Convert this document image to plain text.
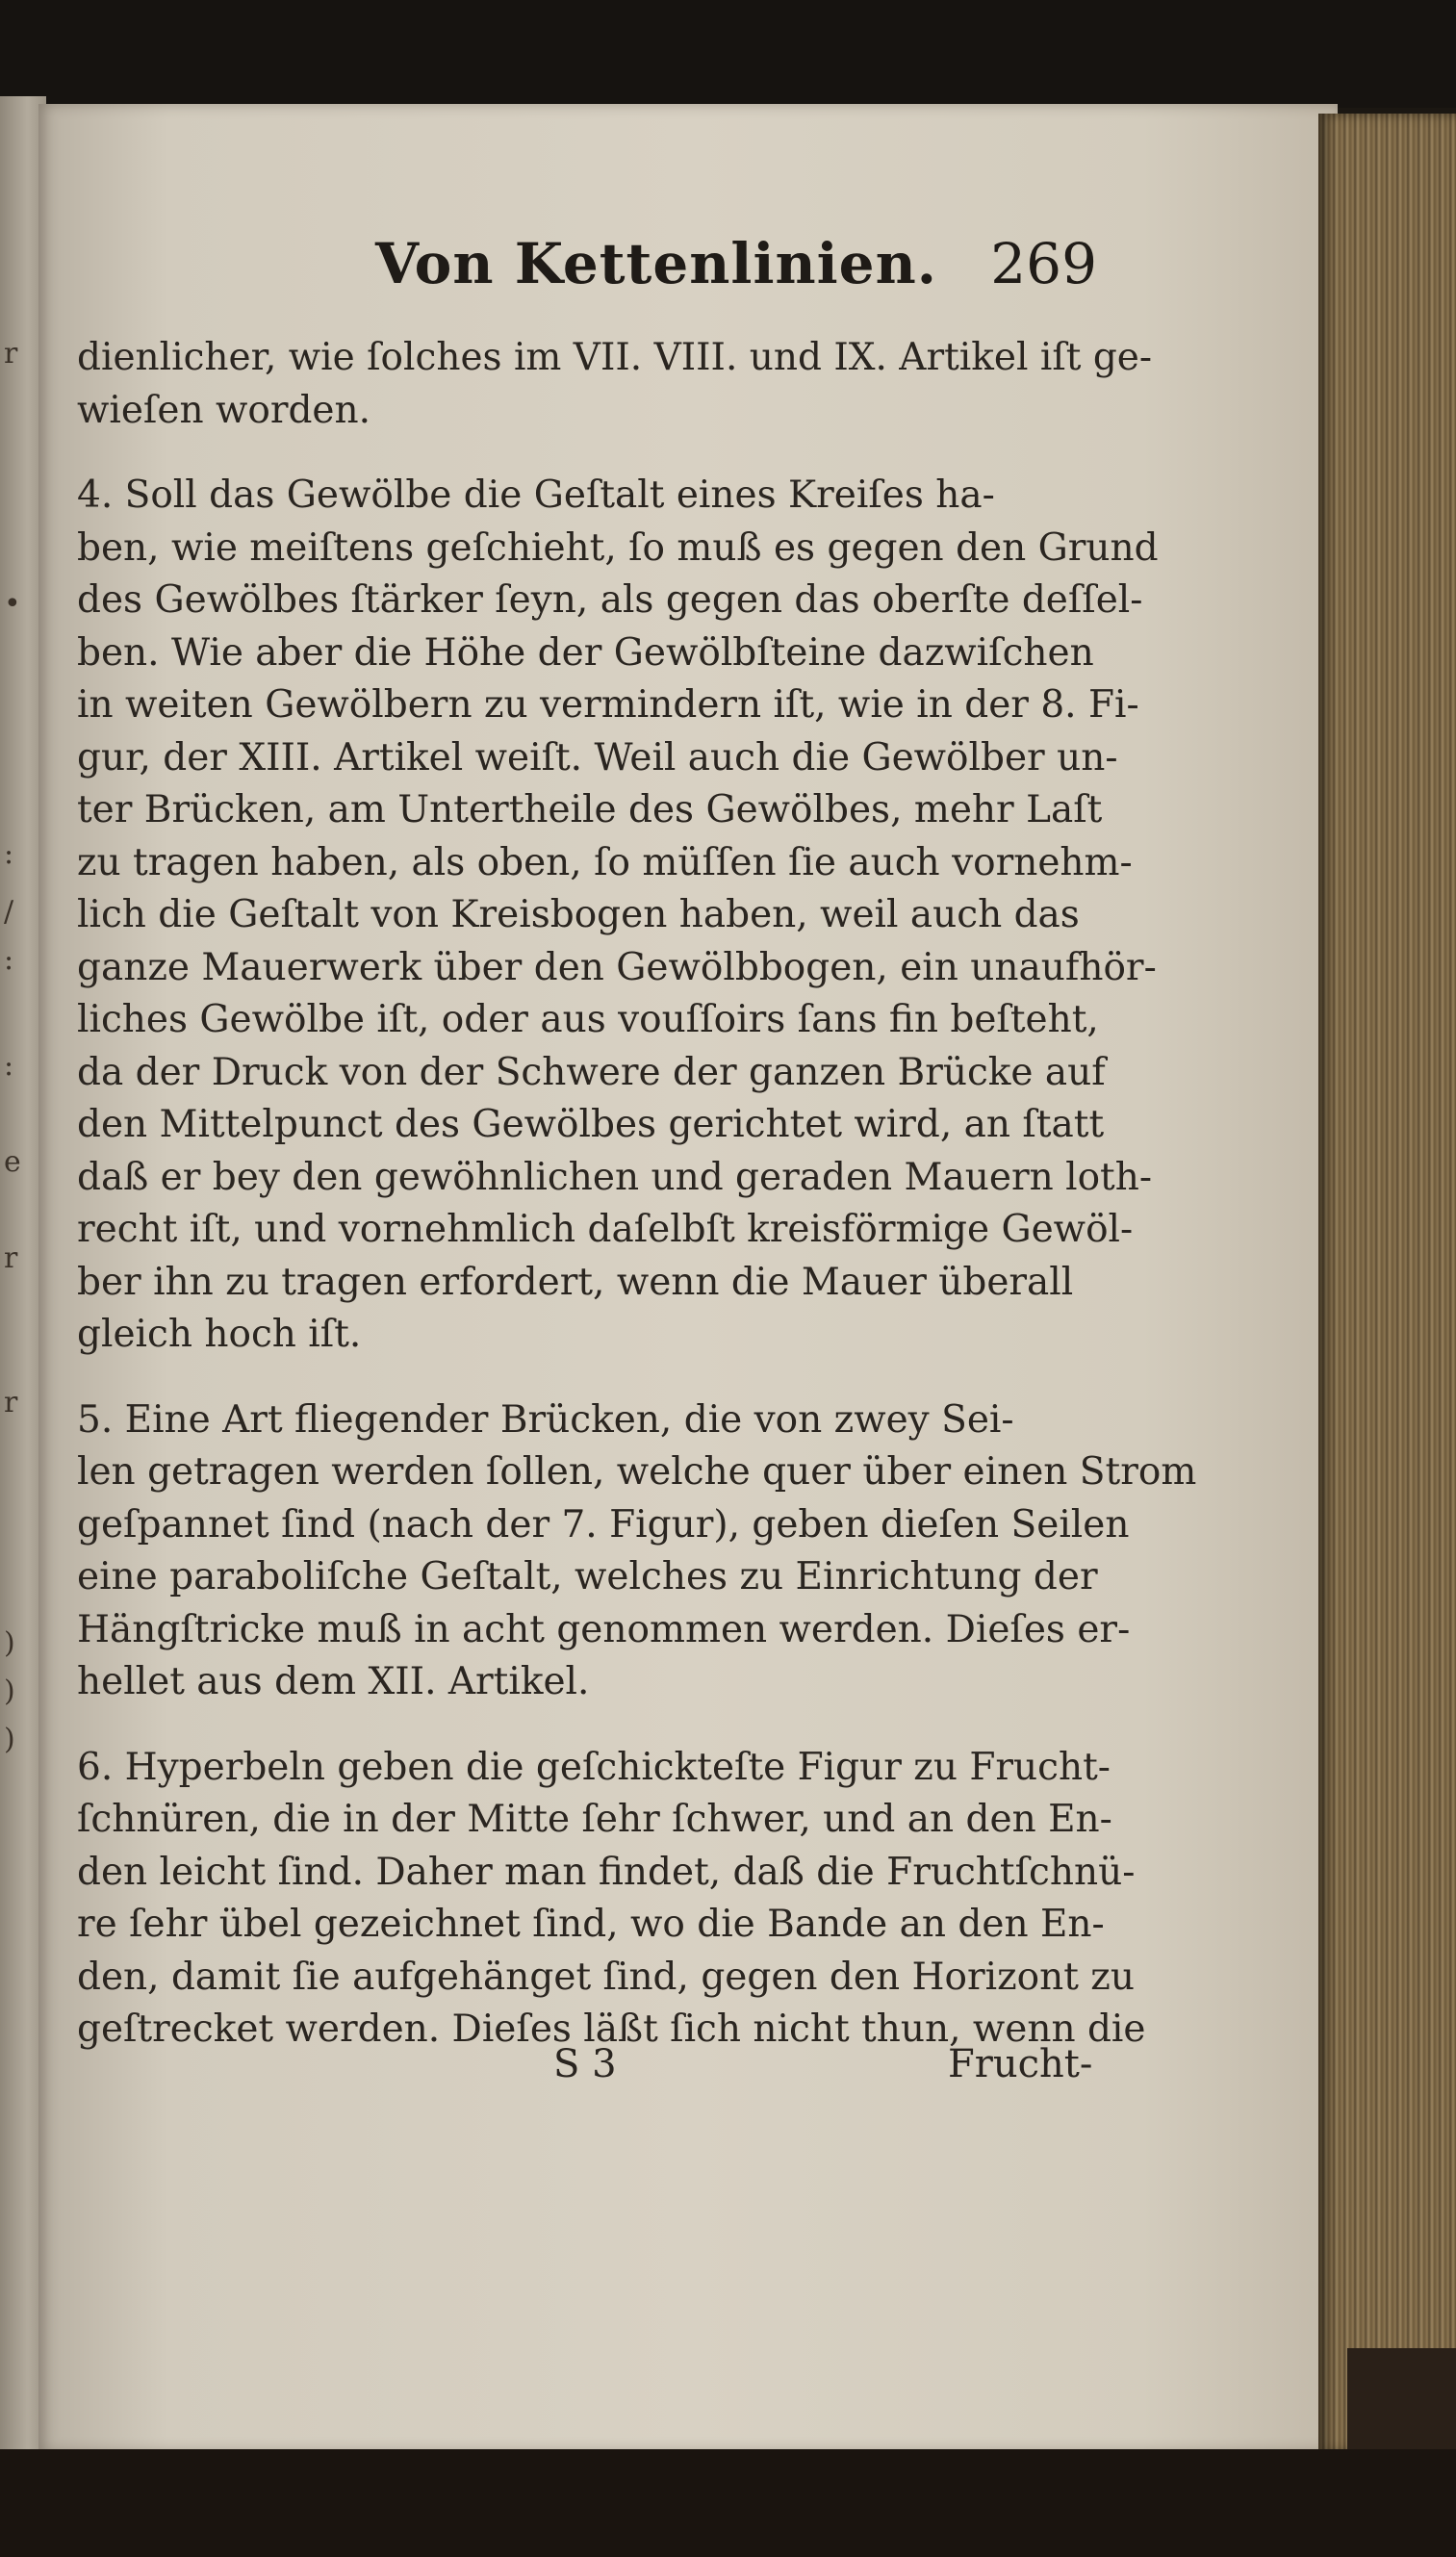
r
•
:
/
:
:
e
r
r
)
)
)
Von Kettenlinien. 269
dienlicher, wie ſolches im VII. VIII. und IX. Artikel iſt ge-
wieſen worden.
4. Soll das Gewölbe die Geſtalt eines Kreiſes ha-
ben, wie meiſtens geſchieht, ſo muß es gegen den Grund
des Gewölbes ſtärker ſeyn, als gegen das oberſte deſſel-
ben. Wie aber die Höhe der Gewölbſteine dazwiſchen
in weiten Gewölbern zu vermindern iſt, wie in der 8. Fi-
gur, der XIII. Artikel weiſt. Weil auch die Gewölber un-
ter Brücken, am Untertheile des Gewölbes, mehr Laſt
zu tragen haben, als oben, ſo müſſen ſie auch vornehm-
lich die Geſtalt von Kreisbogen haben, weil auch das
ganze Mauerwerk über den Gewölbbogen, ein unaufhör-
liches Gewölbe iſt, oder aus vouſſoirs ſans fin beſteht,
da der Druck von der Schwere der ganzen Brücke auf
den Mittelpunct des Gewölbes gerichtet wird, an ſtatt
daß er bey den gewöhnlichen und geraden Mauern loth-
recht iſt, und vornehmlich daſelbſt kreisförmige Gewöl-
ber ihn zu tragen erfordert, wenn die Mauer überall
gleich hoch iſt.
5. Eine Art fliegender Brücken, die von zwey Sei-
len getragen werden ſollen, welche quer über einen Strom
geſpannet ſind (nach der 7. Figur), geben dieſen Seilen
eine paraboliſche Geſtalt, welches zu Einrichtung der
Hängſtricke muß in acht genommen werden. Dieſes er-
hellet aus dem XII. Artikel.
6. Hyperbeln geben die geſchickteſte Figur zu Frucht-
ſchnüren, die in der Mitte ſehr ſchwer, und an den En-
den leicht ſind. Daher man findet, daß die Fruchtſchnü-
re ſehr übel gezeichnet ſind, wo die Bande an den En-
den, damit ſie aufgehänget ſind, gegen den Horizont zu
geſtrecket werden. Dieſes läßt ſich nicht thun, wenn die
S 3	Frucht-
